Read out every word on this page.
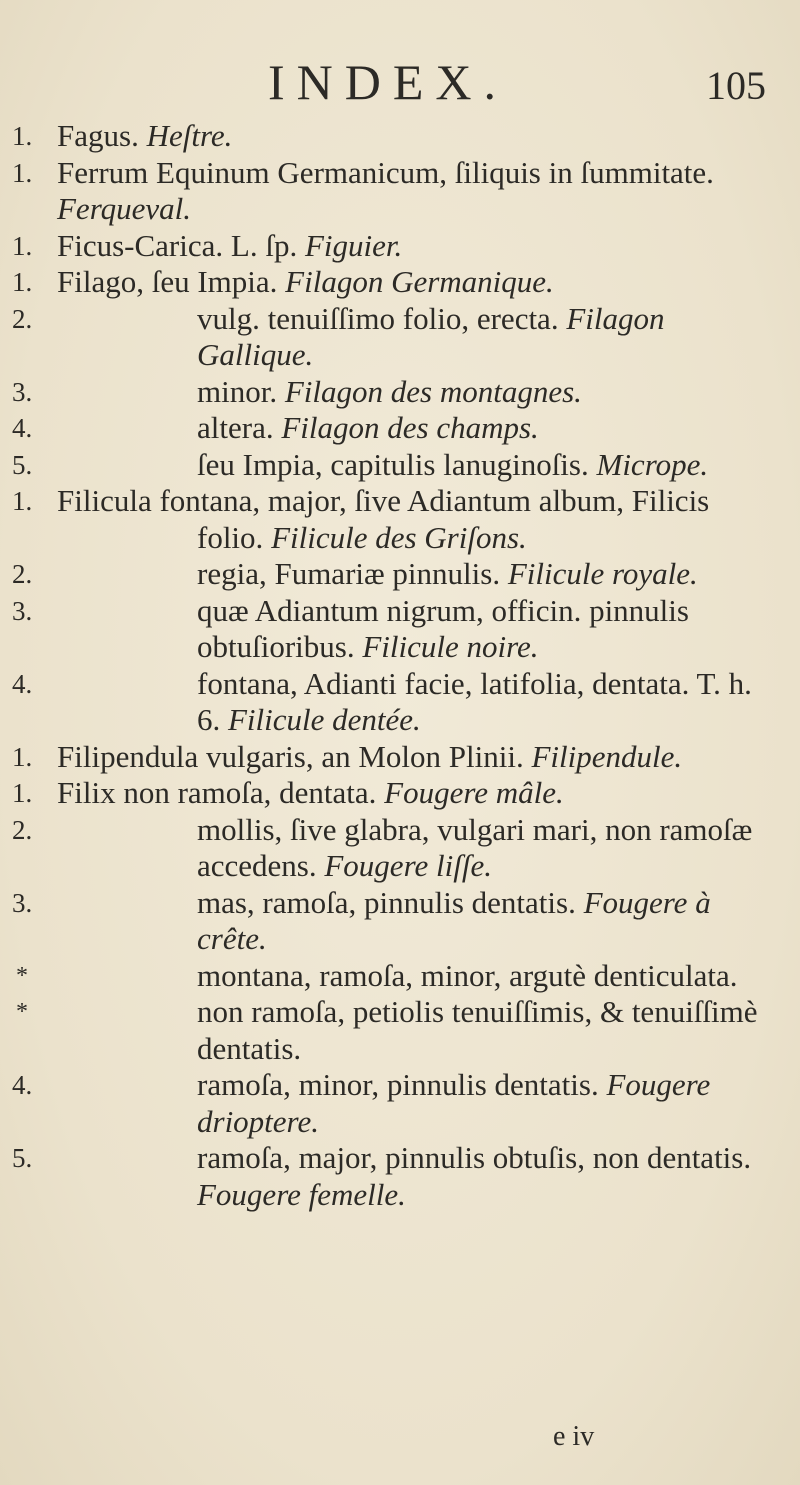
INDEX.	105
1. Fagus. Heſtre.
1. Ferrum Equinum Germanicum, ſiliquis in ſummitate. Ferqueval.
1. Ficus-Carica. L. ſp. Figuier.
1. Filago, ſeu Impia. Filagon Germanique.
2.	vulg. tenuiſſimo folio, erecta. Filagon Gallique.
3.	minor. Filagon des montagnes.
4.	altera. Filagon des champs.
5.	ſeu Impia, capitulis lanuginoſis. Micrope.
1. Filicula fontana, major, ſive Adiantum album, Filicis folio. Filicule des Griſons.
2.	regia, Fumariæ pinnulis. Filicule royale.
3.	quæ Adiantum nigrum, officin. pinnulis obtuſioribus. Filicule noire.
4.	fontana, Adianti facie, latifolia, dentata. T. h. 6. Filicule dentée.
1. Filipendula vulgaris, an Molon Plinii. Filipendule.
1. Filix non ramoſa, dentata. Fougere mâle.
2.	mollis, ſive glabra, vulgari mari, non ramoſæ accedens. Fougere liſſe.
3.	mas, ramoſa, pinnulis dentatis. Fougere à crête.
*	montana, ramoſa, minor, argutè denticulata.
*	non ramoſa, petiolis tenuiſſimis, & tenuiſſimè dentatis.
4.	ramoſa, minor, pinnulis dentatis. Fougere drioptere.
5.	ramoſa, major, pinnulis obtuſis, non dentatis. Fougere femelle.
e iv
